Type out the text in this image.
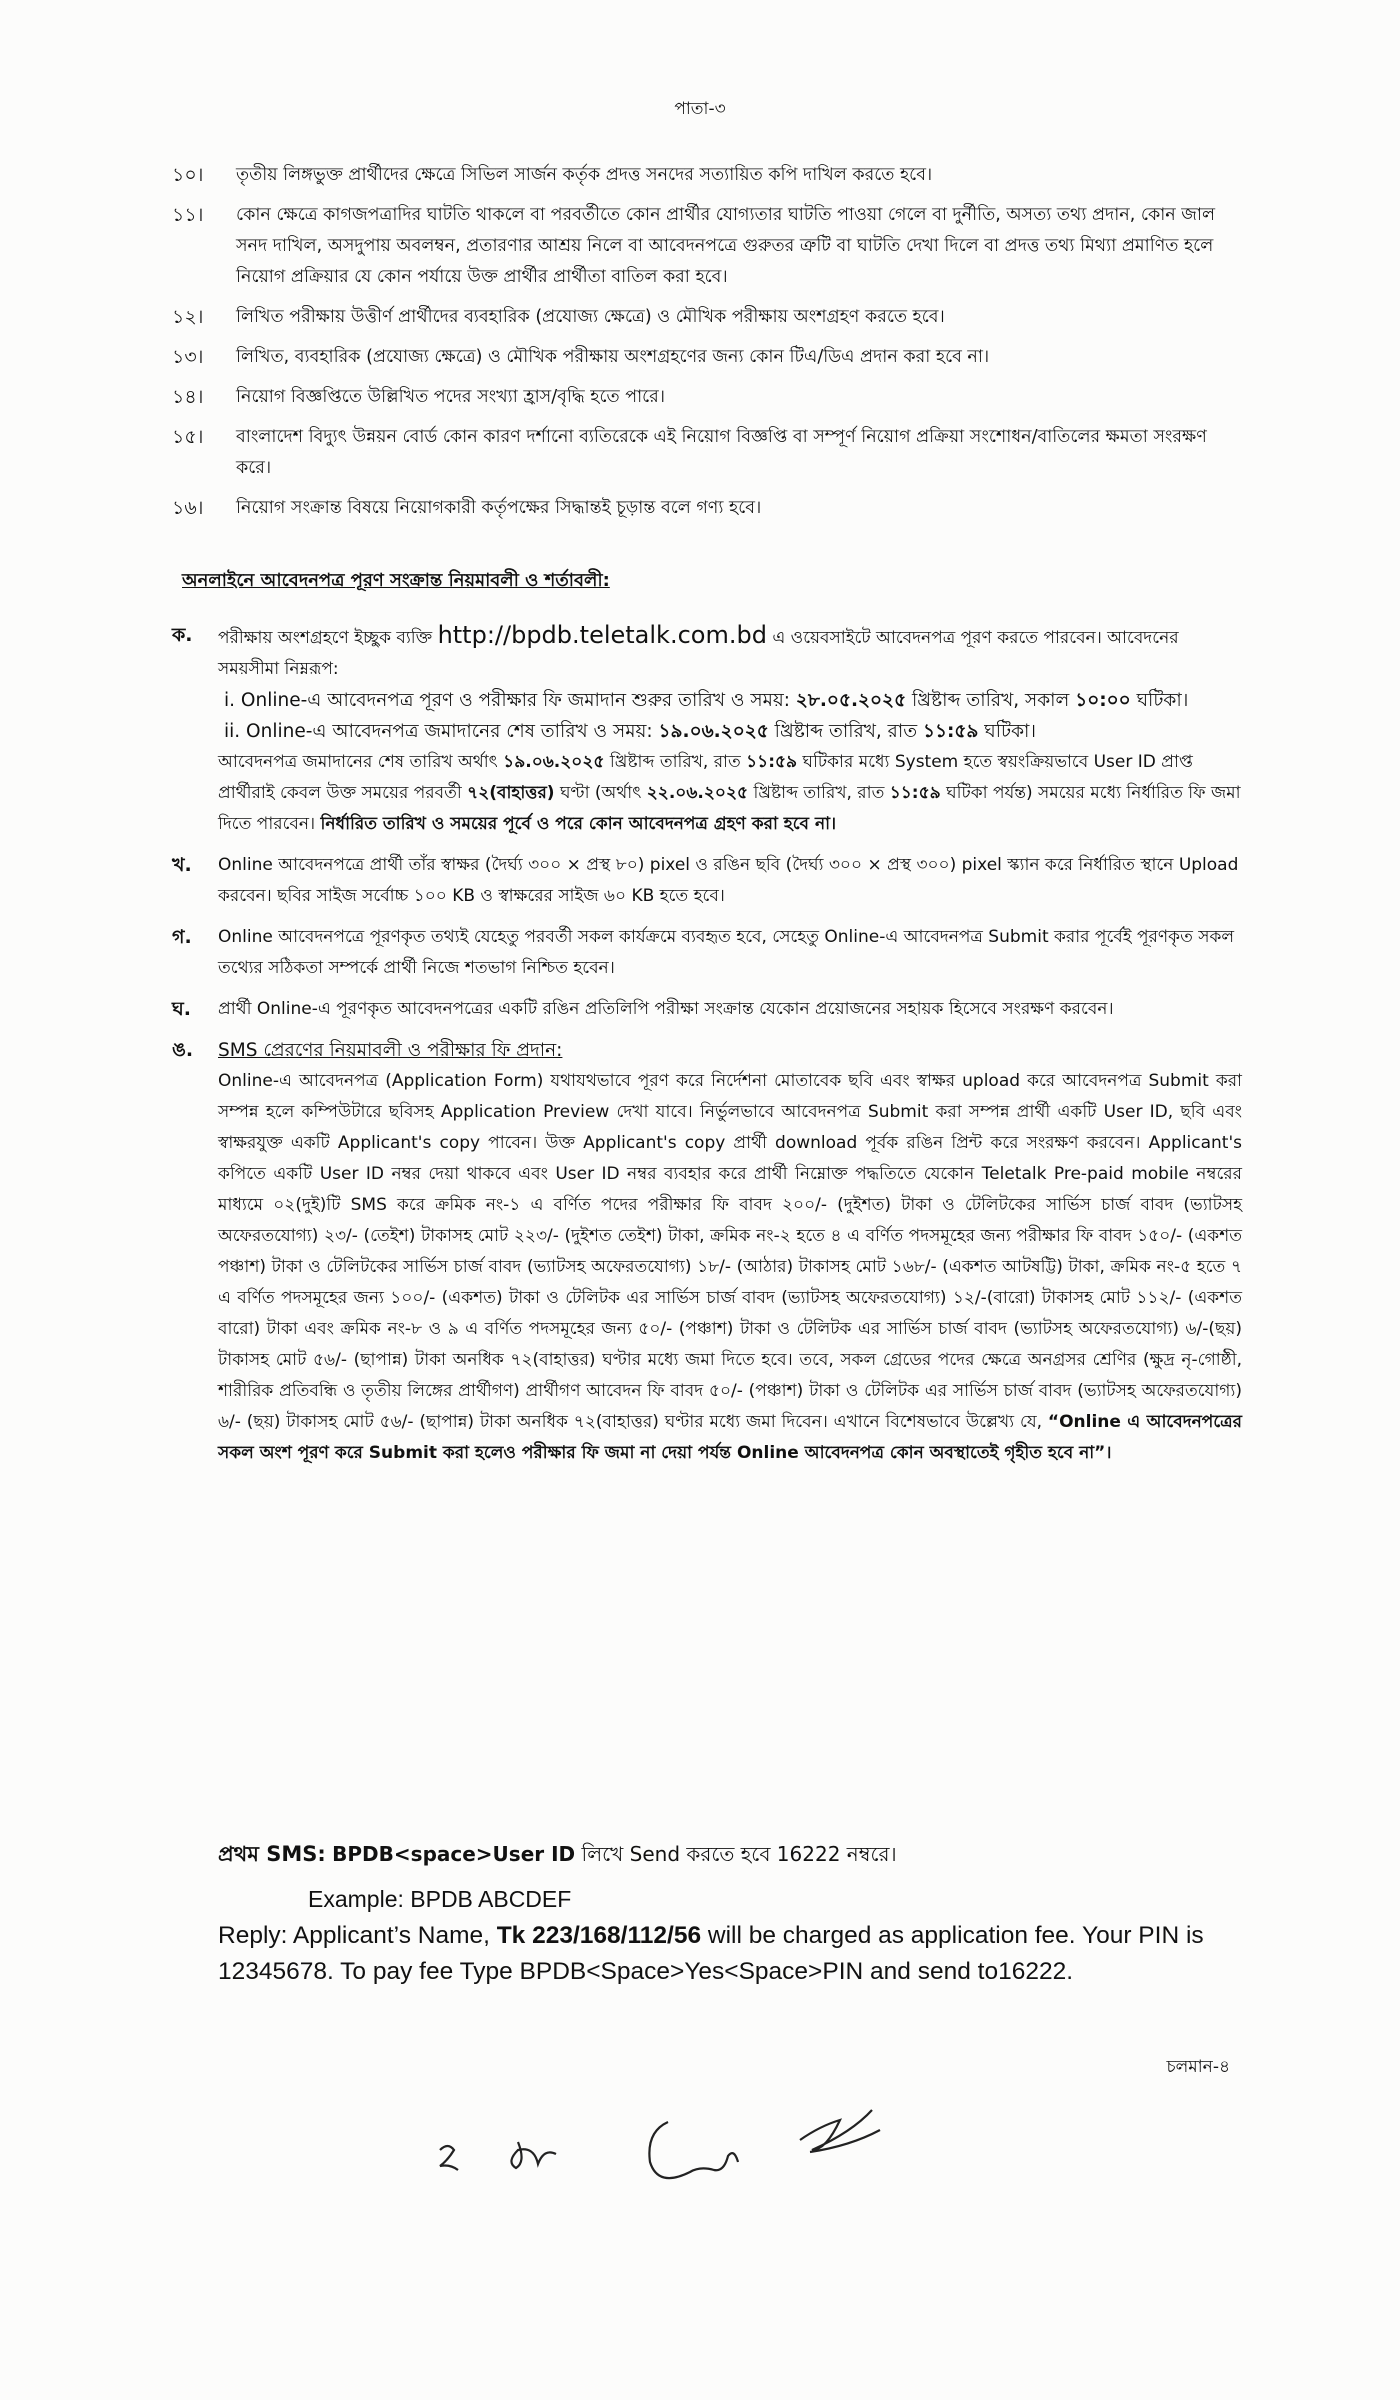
পাতা-৩
১০।	তৃতীয় লিঙ্গভুক্ত প্রার্থীদের ক্ষেত্রে সিভিল সার্জন কর্তৃক প্রদত্ত সনদের সত্যায়িত কপি দাখিল করতে হবে।
১১।	কোন ক্ষেত্রে কাগজপত্রাদির ঘাটতি থাকলে বা পরবর্তীতে কোন প্রার্থীর যোগ্যতার ঘাটতি পাওয়া গেলে বা দুর্নীতি, অসত্য তথ্য প্রদান, কোন জাল সনদ দাখিল, অসদুপায় অবলম্বন, প্রতারণার আশ্রয় নিলে বা আবেদনপত্রে গুরুতর ত্রুটি বা ঘাটতি দেখা দিলে বা প্রদত্ত তথ্য মিথ্যা প্রমাণিত হলে নিয়োগ প্রক্রিয়ার যে কোন পর্যায়ে উক্ত প্রার্থীর প্রার্থীতা বাতিল করা হবে।
১২।	লিখিত পরীক্ষায় উত্তীর্ণ প্রার্থীদের ব্যবহারিক (প্রযোজ্য ক্ষেত্রে) ও মৌখিক পরীক্ষায় অংশগ্রহণ করতে হবে।
১৩।	লিখিত, ব্যবহারিক (প্রযোজ্য ক্ষেত্রে) ও মৌখিক পরীক্ষায় অংশগ্রহণের জন্য কোন টিএ/ডিএ প্রদান করা হবে না।
১৪।	নিয়োগ বিজ্ঞপ্তিতে উল্লিখিত পদের সংখ্যা হ্রাস/বৃদ্ধি হতে পারে।
১৫।	বাংলাদেশ বিদ্যুৎ উন্নয়ন বোর্ড কোন কারণ দর্শানো ব্যতিরেকে এই নিয়োগ বিজ্ঞপ্তি বা সম্পূর্ণ নিয়োগ প্রক্রিয়া সংশোধন/বাতিলের ক্ষমতা সংরক্ষণ করে।
১৬।	নিয়োগ সংক্রান্ত বিষয়ে নিয়োগকারী কর্তৃপক্ষের সিদ্ধান্তই চূড়ান্ত বলে গণ্য হবে।
অনলাইনে আবেদনপত্র পূরণ সংক্রান্ত নিয়মাবলী ও শর্তাবলী:
ক.	পরীক্ষায় অংশগ্রহণে ইচ্ছুক ব্যক্তি http://bpdb.teletalk.com.bd এ ওয়েবসাইটে আবেদনপত্র পূরণ করতে পারবেন। আবেদনের সময়সীমা নিম্নরূপ:

i. Online-এ আবেদনপত্র পূরণ ও পরীক্ষার ফি জমাদান শুরুর তারিখ ও সময়: ২৮.০৫.২০২৫ খ্রিষ্টাব্দ তারিখ, সকাল ১০:০০ ঘটিকা।

ii. Online-এ আবেদনপত্র জমাদানের শেষ তারিখ ও সময়: ১৯.০৬.২০২৫ খ্রিষ্টাব্দ তারিখ, রাত ১১:৫৯ ঘটিকা।

আবেদনপত্র জমাদানের শেষ তারিখ অর্থাৎ ১৯.০৬.২০২৫ খ্রিষ্টাব্দ তারিখ, রাত ১১:৫৯ ঘটিকার মধ্যে System হতে স্বয়ংক্রিয়ভাবে User ID প্রাপ্ত প্রার্থীরাই কেবল উক্ত সময়ের পরবর্তী ৭২(বাহাত্তর) ঘণ্টা (অর্থাৎ ২২.০৬.২০২৫ খ্রিষ্টাব্দ তারিখ, রাত ১১:৫৯ ঘটিকা পর্যন্ত) সময়ের মধ্যে নির্ধারিত ফি জমা দিতে পারবেন। নির্ধারিত তারিখ ও সময়ের পূর্বে ও পরে কোন আবেদনপত্র গ্রহণ করা হবে না।

খ.	Online আবেদনপত্রে প্রার্থী তাঁর স্বাক্ষর (দৈর্ঘ্য ৩০০ × প্রস্থ ৮০) pixel ও রঙিন ছবি (দৈর্ঘ্য ৩০০ × প্রস্থ ৩০০) pixel স্ক্যান করে নির্ধারিত স্থানে Upload করবেন। ছবির সাইজ সর্বোচ্চ ১০০ KB ও স্বাক্ষরের সাইজ ৬০ KB হতে হবে।

গ.	Online আবেদনপত্রে পূরণকৃত তথ্যই যেহেতু পরবর্তী সকল কার্যক্রমে ব্যবহৃত হবে, সেহেতু Online-এ আবেদনপত্র Submit করার পূর্বেই পূরণকৃত সকল তথ্যের সঠিকতা সম্পর্কে প্রার্থী নিজে শতভাগ নিশ্চিত হবেন।

ঘ.	প্রার্থী Online-এ পূরণকৃত আবেদনপত্রের একটি রঙিন প্রতিলিপি পরীক্ষা সংক্রান্ত যেকোন প্রয়োজনের সহায়ক হিসেবে সংরক্ষণ করবেন।

ঙ.	SMS প্রেরণের নিয়মাবলী ও পরীক্ষার ফি প্রদান:

Online-এ আবেদনপত্র (Application Form) যথাযথভাবে পূরণ করে নির্দেশনা মোতাবেক ছবি এবং স্বাক্ষর upload করে আবেদনপত্র Submit করা সম্পন্ন হলে কম্পিউটারে ছবিসহ Application Preview দেখা যাবে। নির্ভুলভাবে আবেদনপত্র Submit করা সম্পন্ন প্রার্থী একটি User ID, ছবি এবং স্বাক্ষরযুক্ত একটি Applicant's copy পাবেন। উক্ত Applicant's copy প্রার্থী download পূর্বক রঙিন প্রিন্ট করে সংরক্ষণ করবেন। Applicant's কপিতে একটি User ID নম্বর দেয়া থাকবে এবং User ID নম্বর ব্যবহার করে প্রার্থী নিম্নোক্ত পদ্ধতিতে যেকোন Teletalk Pre-paid mobile নম্বরের মাধ্যমে ০২(দুই)টি SMS করে ক্রমিক নং-১ এ বর্ণিত পদের পরীক্ষার ফি বাবদ ২০০/- (দুইশত) টাকা ও টেলিটকের সার্ভিস চার্জ বাবদ (ভ্যাটসহ অফেরতযোগ্য) ২৩/- (তেইশ) টাকাসহ মোট ২২৩/- (দুইশত তেইশ) টাকা, ক্রমিক নং-২ হতে ৪ এ বর্ণিত পদসমূহের জন্য পরীক্ষার ফি বাবদ ১৫০/- (একশত পঞ্চাশ) টাকা ও টেলিটকের সার্ভিস চার্জ বাবদ (ভ্যাটসহ অফেরতযোগ্য) ১৮/- (আঠার) টাকাসহ মোট ১৬৮/- (একশত আটষট্টি) টাকা, ক্রমিক নং-৫ হতে ৭ এ বর্ণিত পদসমূহের জন্য ১০০/- (একশত) টাকা ও টেলিটক এর সার্ভিস চার্জ বাবদ (ভ্যাটসহ অফেরতযোগ্য) ১২/-(বারো) টাকাসহ মোট ১১২/- (একশত বারো) টাকা এবং ক্রমিক নং-৮ ও ৯ এ বর্ণিত পদসমূহের জন্য ৫০/- (পঞ্চাশ) টাকা ও টেলিটক এর সার্ভিস চার্জ বাবদ (ভ্যাটসহ অফেরতযোগ্য) ৬/-(ছয়) টাকাসহ মোট ৫৬/- (ছাপান্ন) টাকা অনধিক ৭২(বাহাত্তর) ঘণ্টার মধ্যে জমা দিতে হবে। তবে, সকল গ্রেডের পদের ক্ষেত্রে অনগ্রসর শ্রেণির (ক্ষুদ্র নৃ-গোষ্ঠী, শারীরিক প্রতিবন্ধি ও তৃতীয় লিঙ্গের প্রার্থীগণ) প্রার্থীগণ আবেদন ফি বাবদ ৫০/- (পঞ্চাশ) টাকা ও টেলিটক এর সার্ভিস চার্জ বাবদ (ভ্যাটসহ অফেরতযোগ্য) ৬/- (ছয়) টাকাসহ মোট ৫৬/- (ছাপান্ন) টাকা অনধিক ৭২(বাহাত্তর) ঘণ্টার মধ্যে জমা দিবেন। এখানে বিশেষভাবে উল্লেখ্য যে, “Online এ আবেদনপত্রের সকল অংশ পূরণ করে Submit করা হলেও পরীক্ষার ফি জমা না দেয়া পর্যন্ত Online আবেদনপত্র কোন অবস্থাতেই গৃহীত হবে না”।

প্রথম SMS: BPDB<space>User ID লিখে Send করতে হবে 16222 নম্বরে।
Example: BPDB ABCDEF
Reply: Applicant’s Name, Tk 223/168/112/56 will be charged as application fee. Your PIN is 12345678. To pay fee Type BPDB<Space>Yes<Space>PIN and send to16222.
চলমান-৪
